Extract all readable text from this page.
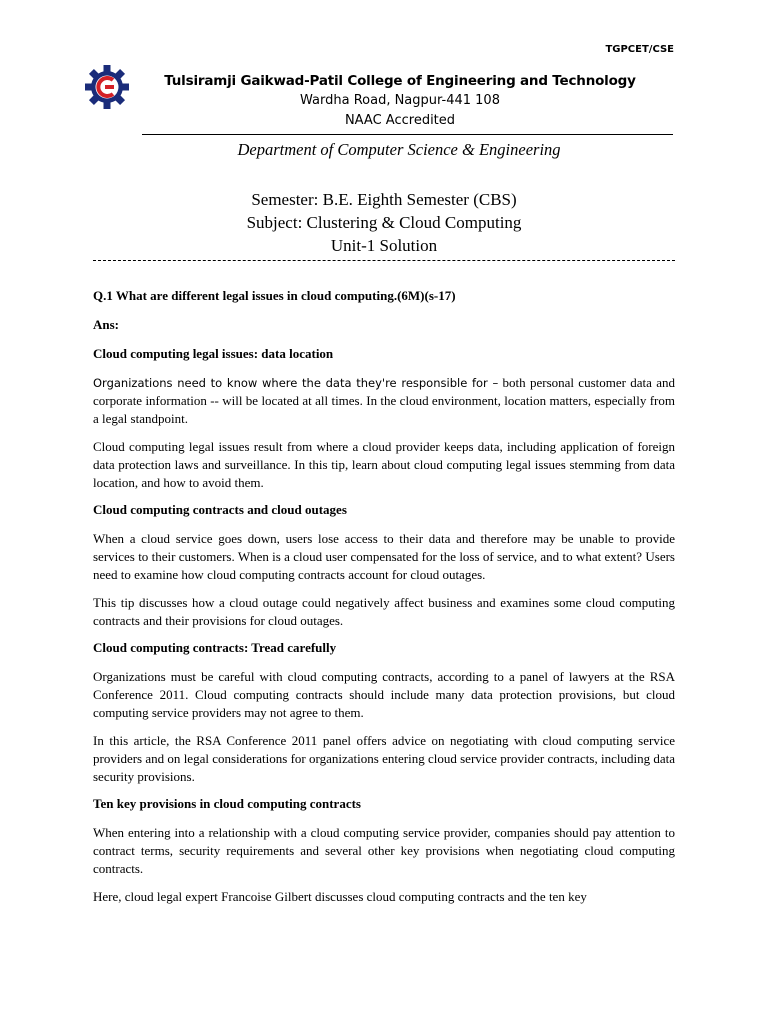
TGPCET/CSE
Tulsiramji Gaikwad-Patil College of Engineering and Technology
Wardha Road, Nagpur-441 108
NAAC Accredited
Department of Computer Science & Engineering
Semester: B.E. Eighth Semester (CBS)
Subject: Clustering & Cloud Computing
Unit-1 Solution

Q.1 What are different legal issues in cloud computing.(6M)(s-17)

Ans:

Cloud computing legal issues: data location

Organizations need to know where the data they're responsible for – both personal customer data and corporate information -- will be located at all times. In the cloud environment, location matters, especially from a legal standpoint.

Cloud computing legal issues result from where a cloud provider keeps data, including application of foreign data protection laws and surveillance. In this tip, learn about cloud computing legal issues stemming from data location, and how to avoid them.

Cloud computing contracts and cloud outages

When a cloud service goes down, users lose access to their data and therefore may be unable to provide services to their customers. When is a cloud user compensated for the loss of service, and to what extent? Users need to examine how cloud computing contracts account for cloud outages.

This tip discusses how a cloud outage could negatively affect business and examines some cloud computing contracts and their provisions for cloud outages.

Cloud computing contracts: Tread carefully

Organizations must be careful with cloud computing contracts, according to a panel of lawyers at the RSA Conference 2011. Cloud computing contracts should include many data protection provisions, but cloud computing service providers may not agree to them.

In this article, the RSA Conference 2011 panel offers advice on negotiating with cloud computing service providers and on legal considerations for organizations entering cloud service provider contracts, including data security provisions.

Ten key provisions in cloud computing contracts

When entering into a relationship with a cloud computing service provider, companies should pay attention to contract terms, security requirements and several other key provisions when negotiating cloud computing contracts.

Here, cloud legal expert Francoise Gilbert discusses cloud computing contracts and the ten key
